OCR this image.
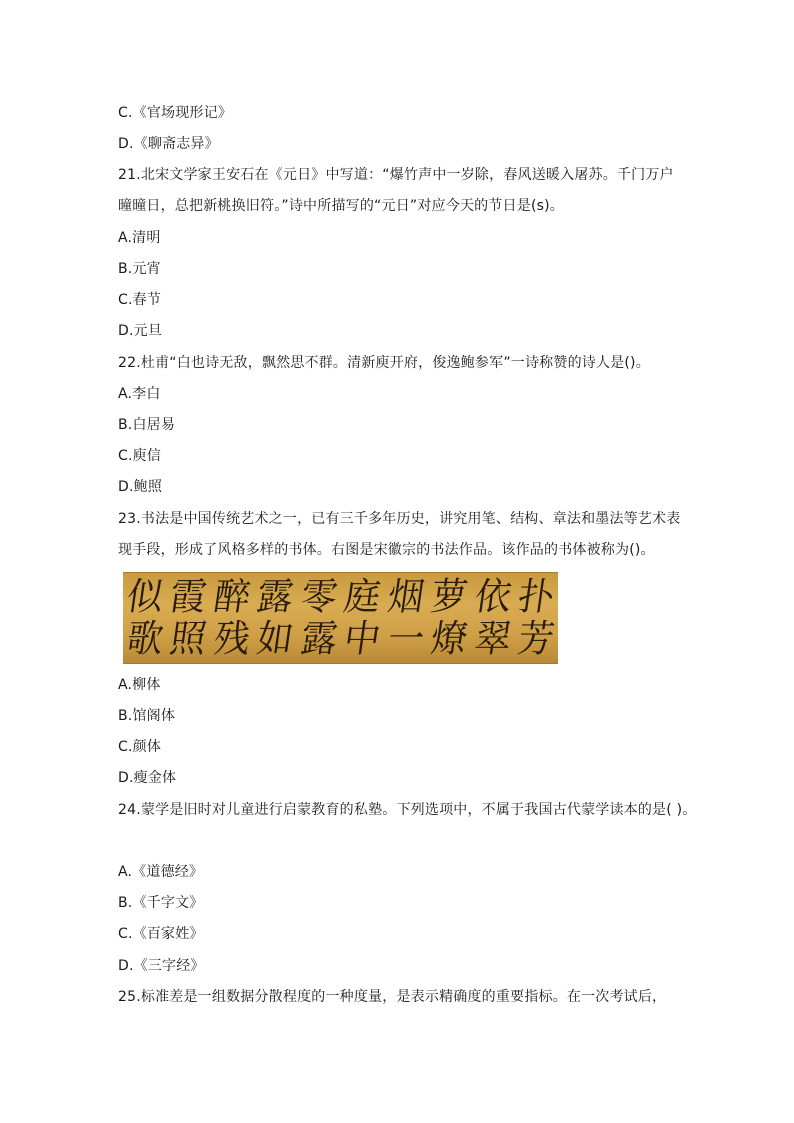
C.《官场现形记》
D.《聊斋志异》
21.北宋文学家王安石在《元日》中写道：“爆竹声中一岁除，春风送暖入屠苏。千门万户
曈曈日，总把新桃换旧符。”诗中所描写的“元日”对应今天的节日是(s)。
A.清明
B.元宵
C.春节
D.元旦
22.杜甫“白也诗无敌，飘然思不群。清新庾开府，俊逸鲍参军”一诗称赞的诗人是()。
A.李白
B.白居易
C.庾信
D.鲍照
23.书法是中国传统艺术之一，已有三千多年历史，讲究用笔、结构、章法和墨法等艺术表
现手段，形成了风格多样的书体。右图是宋徽宗的书法作品。该作品的书体被称为()。
似 霞 醉 露 零 庭 烟 萝 依 扑
歌 照 残 如 露 中 一 燎 翠 芳
A.柳体
B.馆阁体
C.颜体
D.瘦金体
24.蒙学是旧时对儿童进行启蒙教育的私塾。下列选项中，不属于我国古代蒙学读本的是( )。
A.《道德经》
B.《千字文》
C.《百家姓》
D.《三字经》
25.标准差是一组数据分散程度的一种度量，是表示精确度的重要指标。在一次考试后，
